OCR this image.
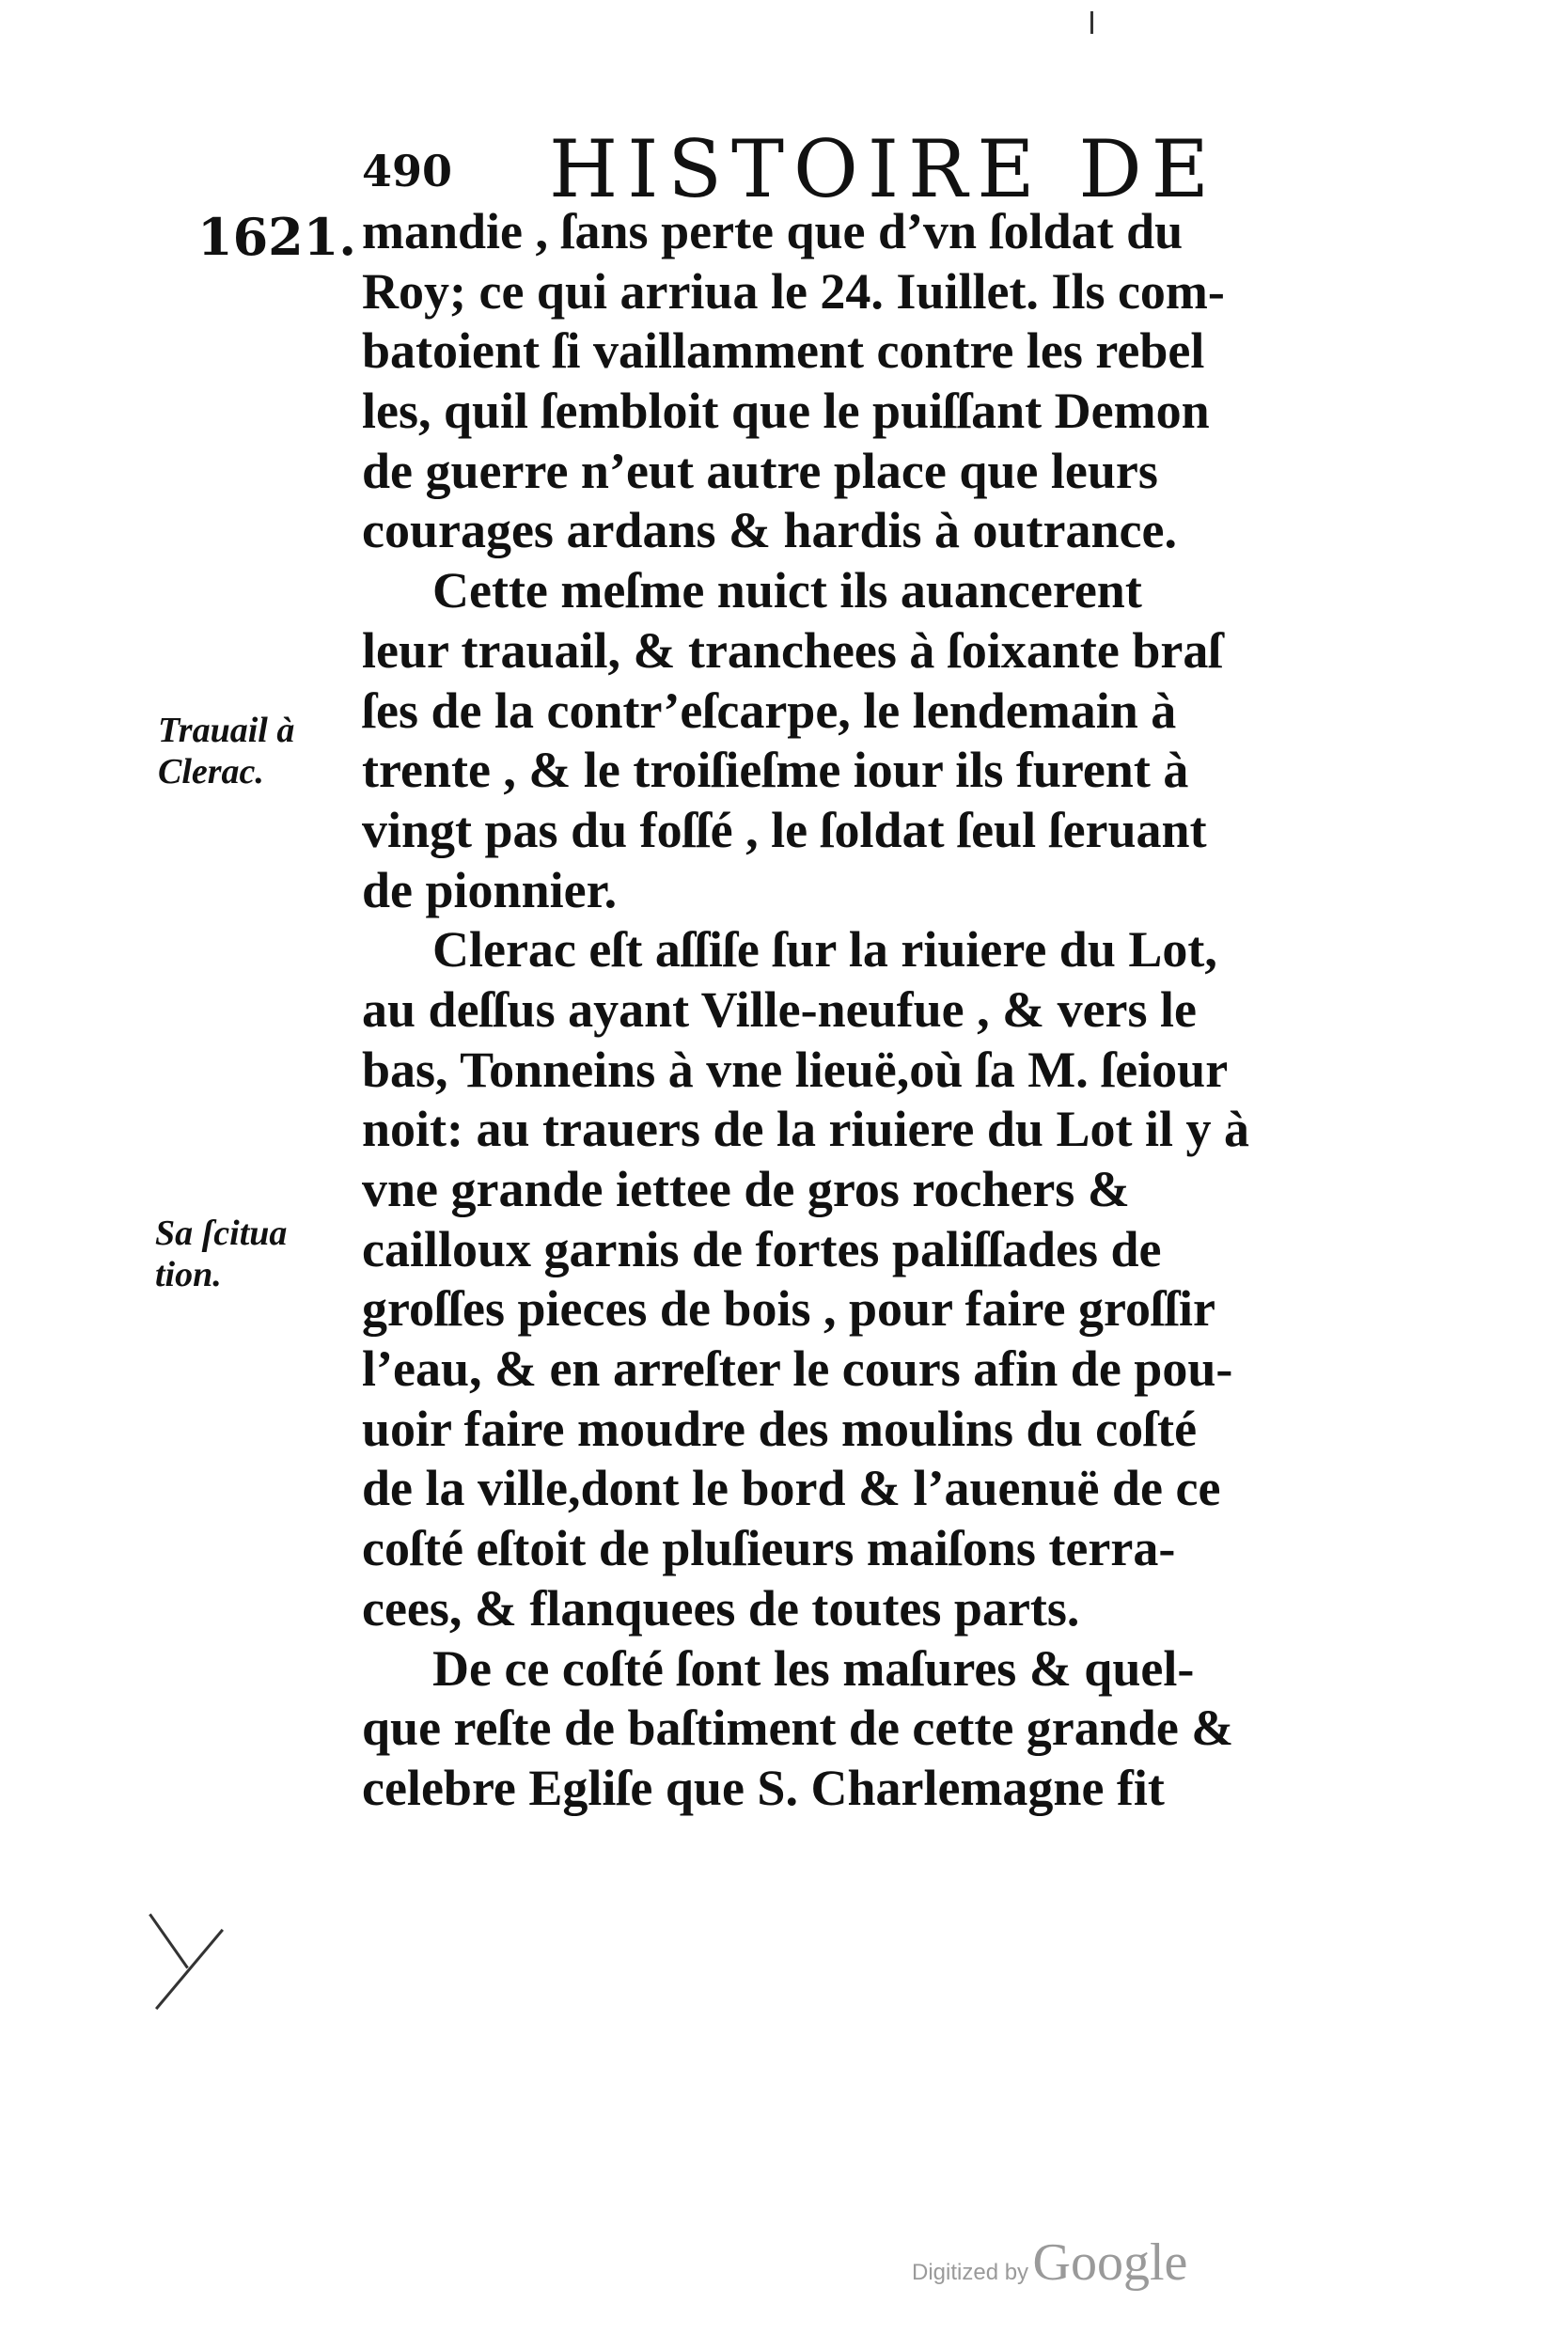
490	HISTOIRE DE
1621.
Trauail à
Clerac.
Sa ſcitua
tion.
mandie , ſans perte que d’vn ſoldat du
Roy; ce qui arriua le 24. Iuillet. Ils com-
batoient ſi vaillamment contre les rebel
les, quil ſembloit que le puiſſant Demon
de guerre n’eut autre place que leurs
courages ardans & hardis à outrance.
Cette meſme nuict ils auancerent
leur trauail, & tranchees à ſoixante braſ
ſes de la contr’eſcarpe, le lendemain à
trente , & le troiſieſme iour ils furent à
vingt pas du foſſé , le ſoldat ſeul ſeruant
de pionnier.
Clerac eſt aſſiſe ſur la riuiere du Lot,
au deſſus ayant Ville-neufue , & vers le
bas, Tonneins à vne lieuë,où ſa M. ſeiour
noit: au trauers de la riuiere du Lot il y à
vne grande iettee de gros rochers &
cailloux garnis de fortes paliſſades de
groſſes pieces de bois , pour faire groſſir
l’eau, & en arreſter le cours afin de pou-
uoir faire moudre des moulins du coſté
de la ville,dont le bord & l’auenuë de ce
coſté eſtoit de pluſieurs maiſons terra-
cees, & flanquees de toutes parts.
De ce coſté ſont les maſures & quel-
que reſte de baſtiment de cette grande &
celebre Egliſe que S. Charlemagne fit
Digitized by Google
